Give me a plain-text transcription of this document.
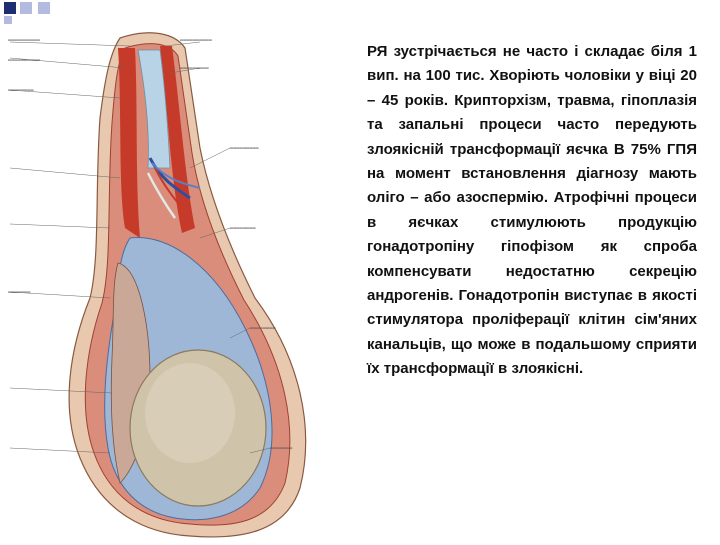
══════════
══════════
════════
══════════
═════════
═════════
════════
═══════
════════
═══════
РЯ зустрічається не часто і складає біля 1 вип. на 100 тис. Хворіють чоловіки у віці 20 – 45 років. Крипторхізм, травма, гіпоплазія та запальні процеси часто передують злоякісній трансформації яєчка В 75% ГПЯ на момент встановлення діагнозу мають оліго – або азоспермію. Атрофічні процеси в яєчках стимулюють продукцію гонадотропіну гіпофізом як спроба компенсувати недостатню секрецію андрогенів. Гонадотропін виступає в якості стимулятора проліферації клітин сім'яних канальців, що може в подальшому сприяти їх трансформації в злоякісні.
